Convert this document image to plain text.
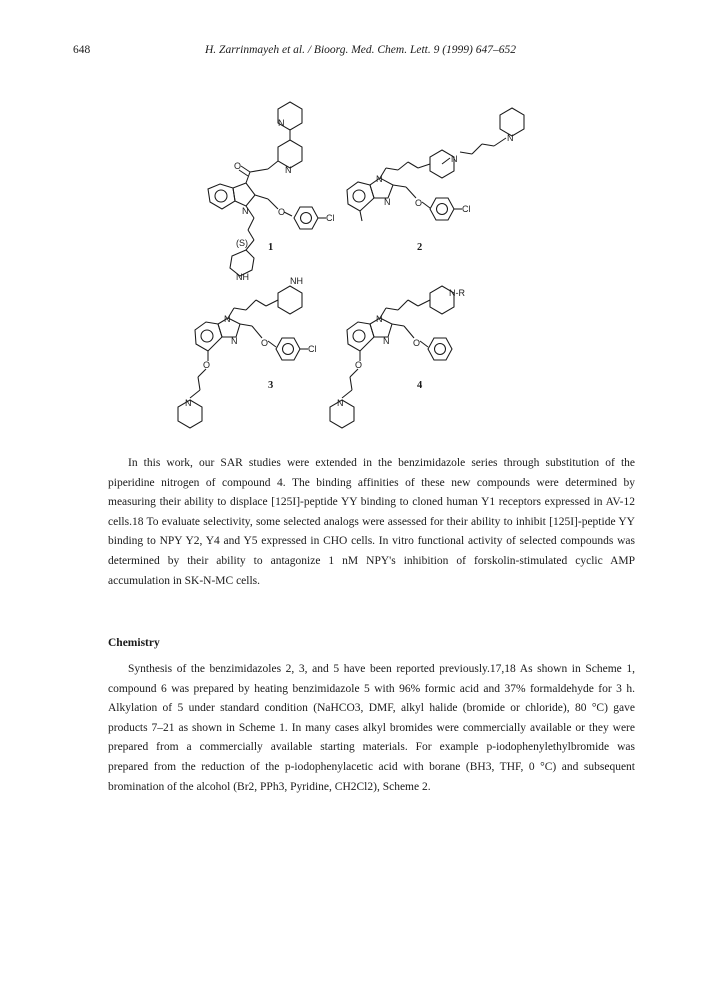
648	H. Zarrinmayeh et al. / Bioorg. Med. Chem. Lett. 9 (1999) 647–652
N
N
O
N	O
Cl
(S)
NH
1
N
N
N
N	O
Cl
2
NH
N
N	O
Cl
O
N
3
N-R
N
N	O
O
N
4
In this work, our SAR studies were extended in the benzimidazole series through substitution of the
piperidine nitrogen of compound 4. The binding affinities of these new compounds were determined by
measuring their ability to displace [125I]-peptide YY binding to cloned human Y1 receptors expressed in AV-12
cells.18 To evaluate selectivity, some selected analogs were assessed for their ability to inhibit [125I]-peptide YY
binding to NPY Y2, Y4 and Y5 expressed in CHO cells. In vitro functional activity of selected compounds was
determined by their ability to antagonize 1 nM NPY's inhibition of forskolin-stimulated cyclic AMP
accumulation in SK-N-MC cells.
Chemistry
Synthesis of the benzimidazoles 2, 3, and 5 have been reported previously.17,18 As shown in Scheme 1,
compound 6 was prepared by heating benzimidazole 5 with 96% formic acid and 37% formaldehyde for 3 h.
Alkylation of 5 under standard condition (NaHCO3, DMF, alkyl halide (bromide or chloride), 80 °C) gave
products 7–21 as shown in Scheme 1. In many cases alkyl bromides were commercially available or they were
prepared from a commercially available starting materials. For example p-iodophenylethylbromide was
prepared from the reduction of the p-iodophenylacetic acid with borane (BH3, THF, 0 °C) and subsequent
bromination of the alcohol (Br2, PPh3, Pyridine, CH2Cl2), Scheme 2.
